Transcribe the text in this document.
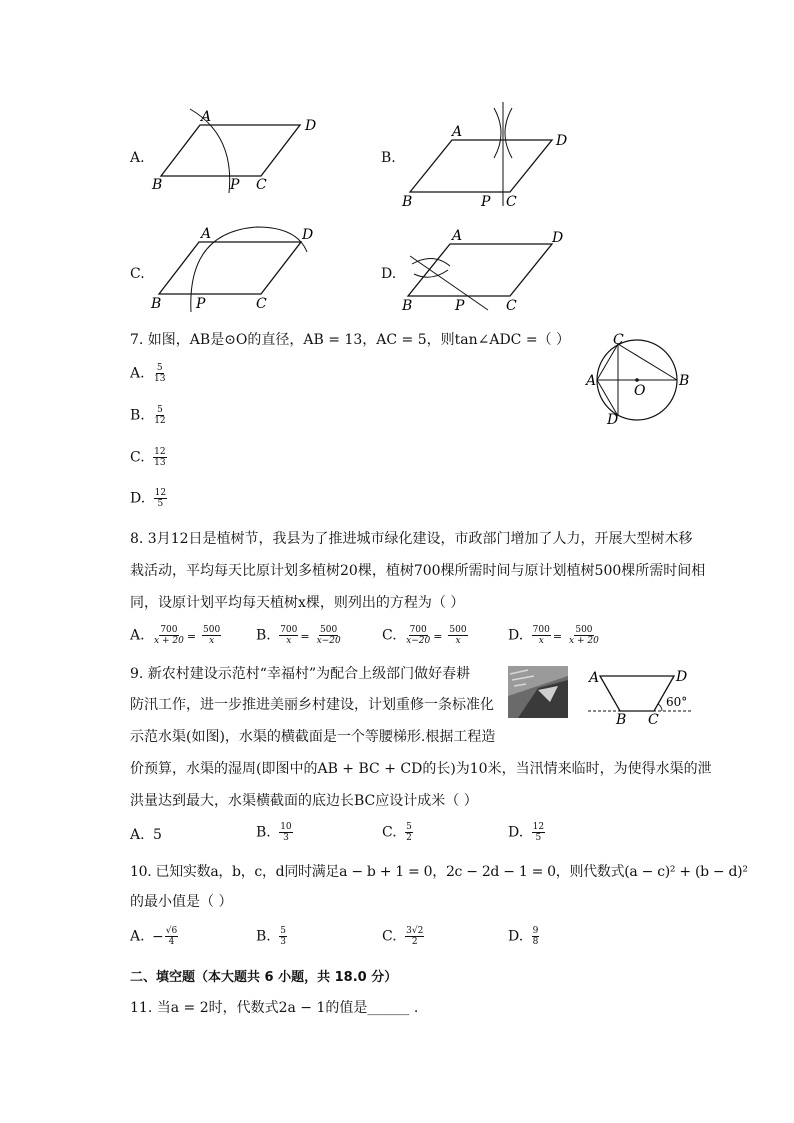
A.
A
D
B	P C
B.
A
D
B	P C
C.
A	D
B P	C
D.
A	D
B	P	C
7. 如图，AB是⊙O的直径，AB = 13，AC = 5，则tan∠ADC =（ ）	C
A
O
B
D
A. $\frac{5}{13}$
B. $\frac{5}{12}$
C. $\frac{12}{13}$
D. $\frac{12}{5}$
8. 3月12日是植树节，我县为了推进城市绿化建设，市政部门增加了人力，开展大型树木移
栽活动，平均每天比原计划多植树20棵，植树700棵所需时间与原计划植树500棵所需时间相
同，设原计划平均每天植树x棵，则列出的方程为（ ）
A. $\frac{700}{x + 20} = \frac{500}{x} B$. $\frac{700}{x} = \frac{500}{x-20}$	C. $\frac{700}{x-20} = \frac{500}{x}$	D. $\frac{700}{x} = \frac{500}{x + 20}$
9. 新农村建设示范村“幸福村”为配合上级部门做好春耕
防汛工作，进一步推进美丽乡村建设，计划重修一条标准化
示范水渠(如图)，水渠的横截面是一个等腰梯形.根据工程造
价预算，水渠的湿周(即图中的AB + BC + CD的长)为10米，当汛情来临时，为使得水渠的泄
洪量达到最大，水渠横截面的底边长BC应设计成米（ ）
A	D
B C
60°
A. 5	B. $\frac{10}{3}$	C. $\frac{5}{2}$	D. $\frac{12}{5}$
10. 已知实数a，b，c，d同时满足a − b + 1 = 0，2c − 2d − 1 = 0，则代数式(a − c)² + (b − d)²
的最小值是（ ）
A. − $\frac{√6}{4}$	B. $\frac{5}{3}$	C. $\frac{3√2}{2}$	D. $\frac{9}{8}$
二、填空题（本大题共 6 小题，共 18.0 分）
11. 当a = 2时，代数式2a − 1的值是______ .
